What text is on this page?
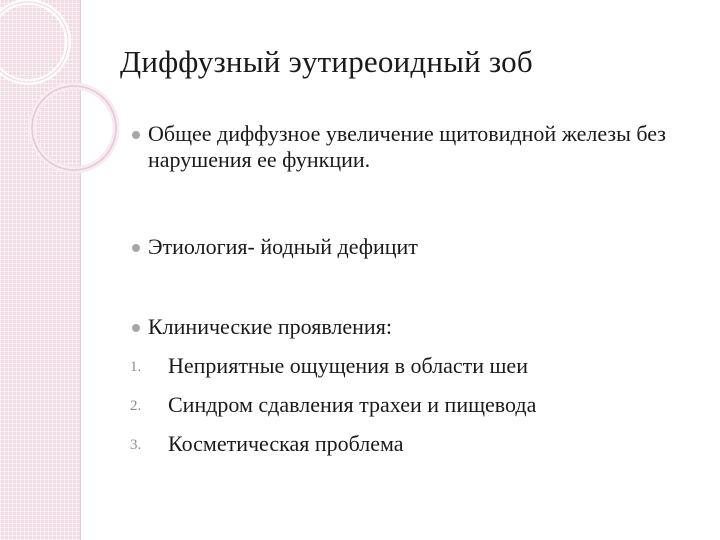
Диффузный эутиреоидный зоб
Общее диффузное увеличение щитовидной железы без нарушения ее функции.
Этиология- йодный дефицит
Клинические проявления:
1. Неприятные ощущения в области шеи
2. Синдром сдавления трахеи и пищевода
3. Косметическая проблема
